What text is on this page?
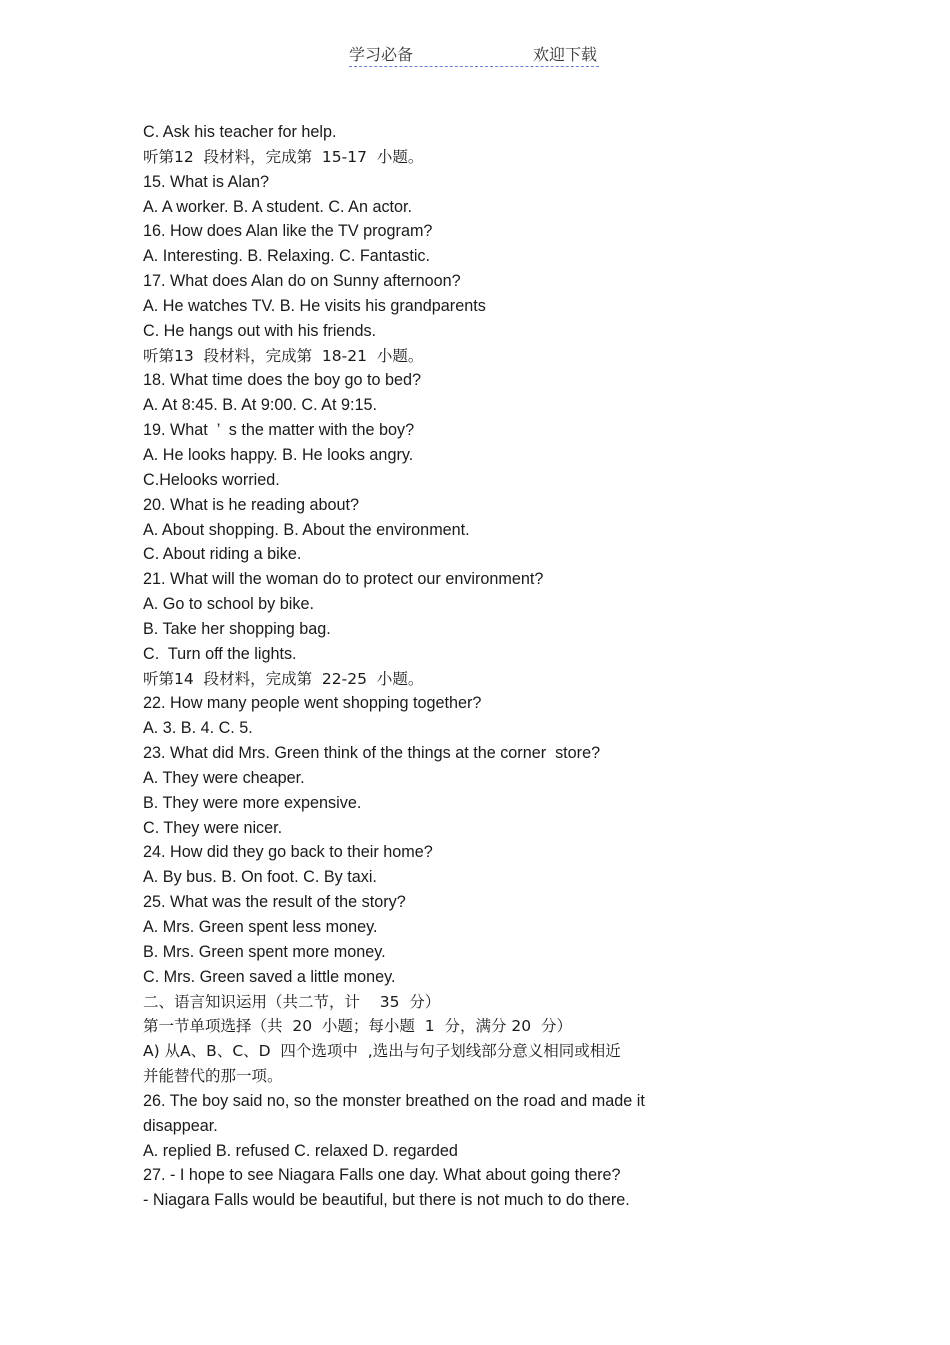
学习必备	欢迎下载
C. Ask his teacher for help.
听第12  段材料，完成第  15-17  小题。
15. What is Alan?
A. A worker. B. A student. C. An actor.
16. How does Alan like the TV program?
A. Interesting. B. Relaxing. C. Fantastic.
17. What does Alan do on Sunny afternoon?
A. He watches TV. B. He visits his grandparents
C. He hangs out with his friends.
听第13  段材料，完成第  18-21  小题。
18. What time does the boy go to bed?
A. At 8:45. B. At 9:00. C. At 9:15.
19. What  ’  s the matter with the boy?
A. He looks happy. B. He looks angry.
C.Helooks worried.
20. What is he reading about?
A. About shopping. B. About the environment.
C. About riding a bike.
21. What will the woman do to protect our environment?
A. Go to school by bike.
B. Take her shopping bag.
C.  Turn off the lights.
听第14  段材料，完成第  22-25  小题。
22. How many people went shopping together?
A. 3. B. 4. C. 5.
23. What did Mrs. Green think of the things at the corner  store?
A. They were cheaper.
B. They were more expensive.
C. They were nicer.
24. How did they go back to their home?
A. By bus. B. On foot. C. By taxi.
25. What was the result of the story?
A. Mrs. Green spent less money.
B. Mrs. Green spent more money.
C. Mrs. Green saved a little money.
二、语言知识运用（共二节，计    35  分）
第一节单项选择（共  20  小题；每小题  1  分，满分 20  分）
A) 从A、B、C、D  四个选项中  ,选出与句子划线部分意义相同或相近
并能替代的那一项。
26. The boy said no, so the monster breathed on the road and made it
disappear.
A. replied B. refused C. relaxed D. regarded
27. - I hope to see Niagara Falls one day. What about going there?
- Niagara Falls would be beautiful, but there is not much to do there.
